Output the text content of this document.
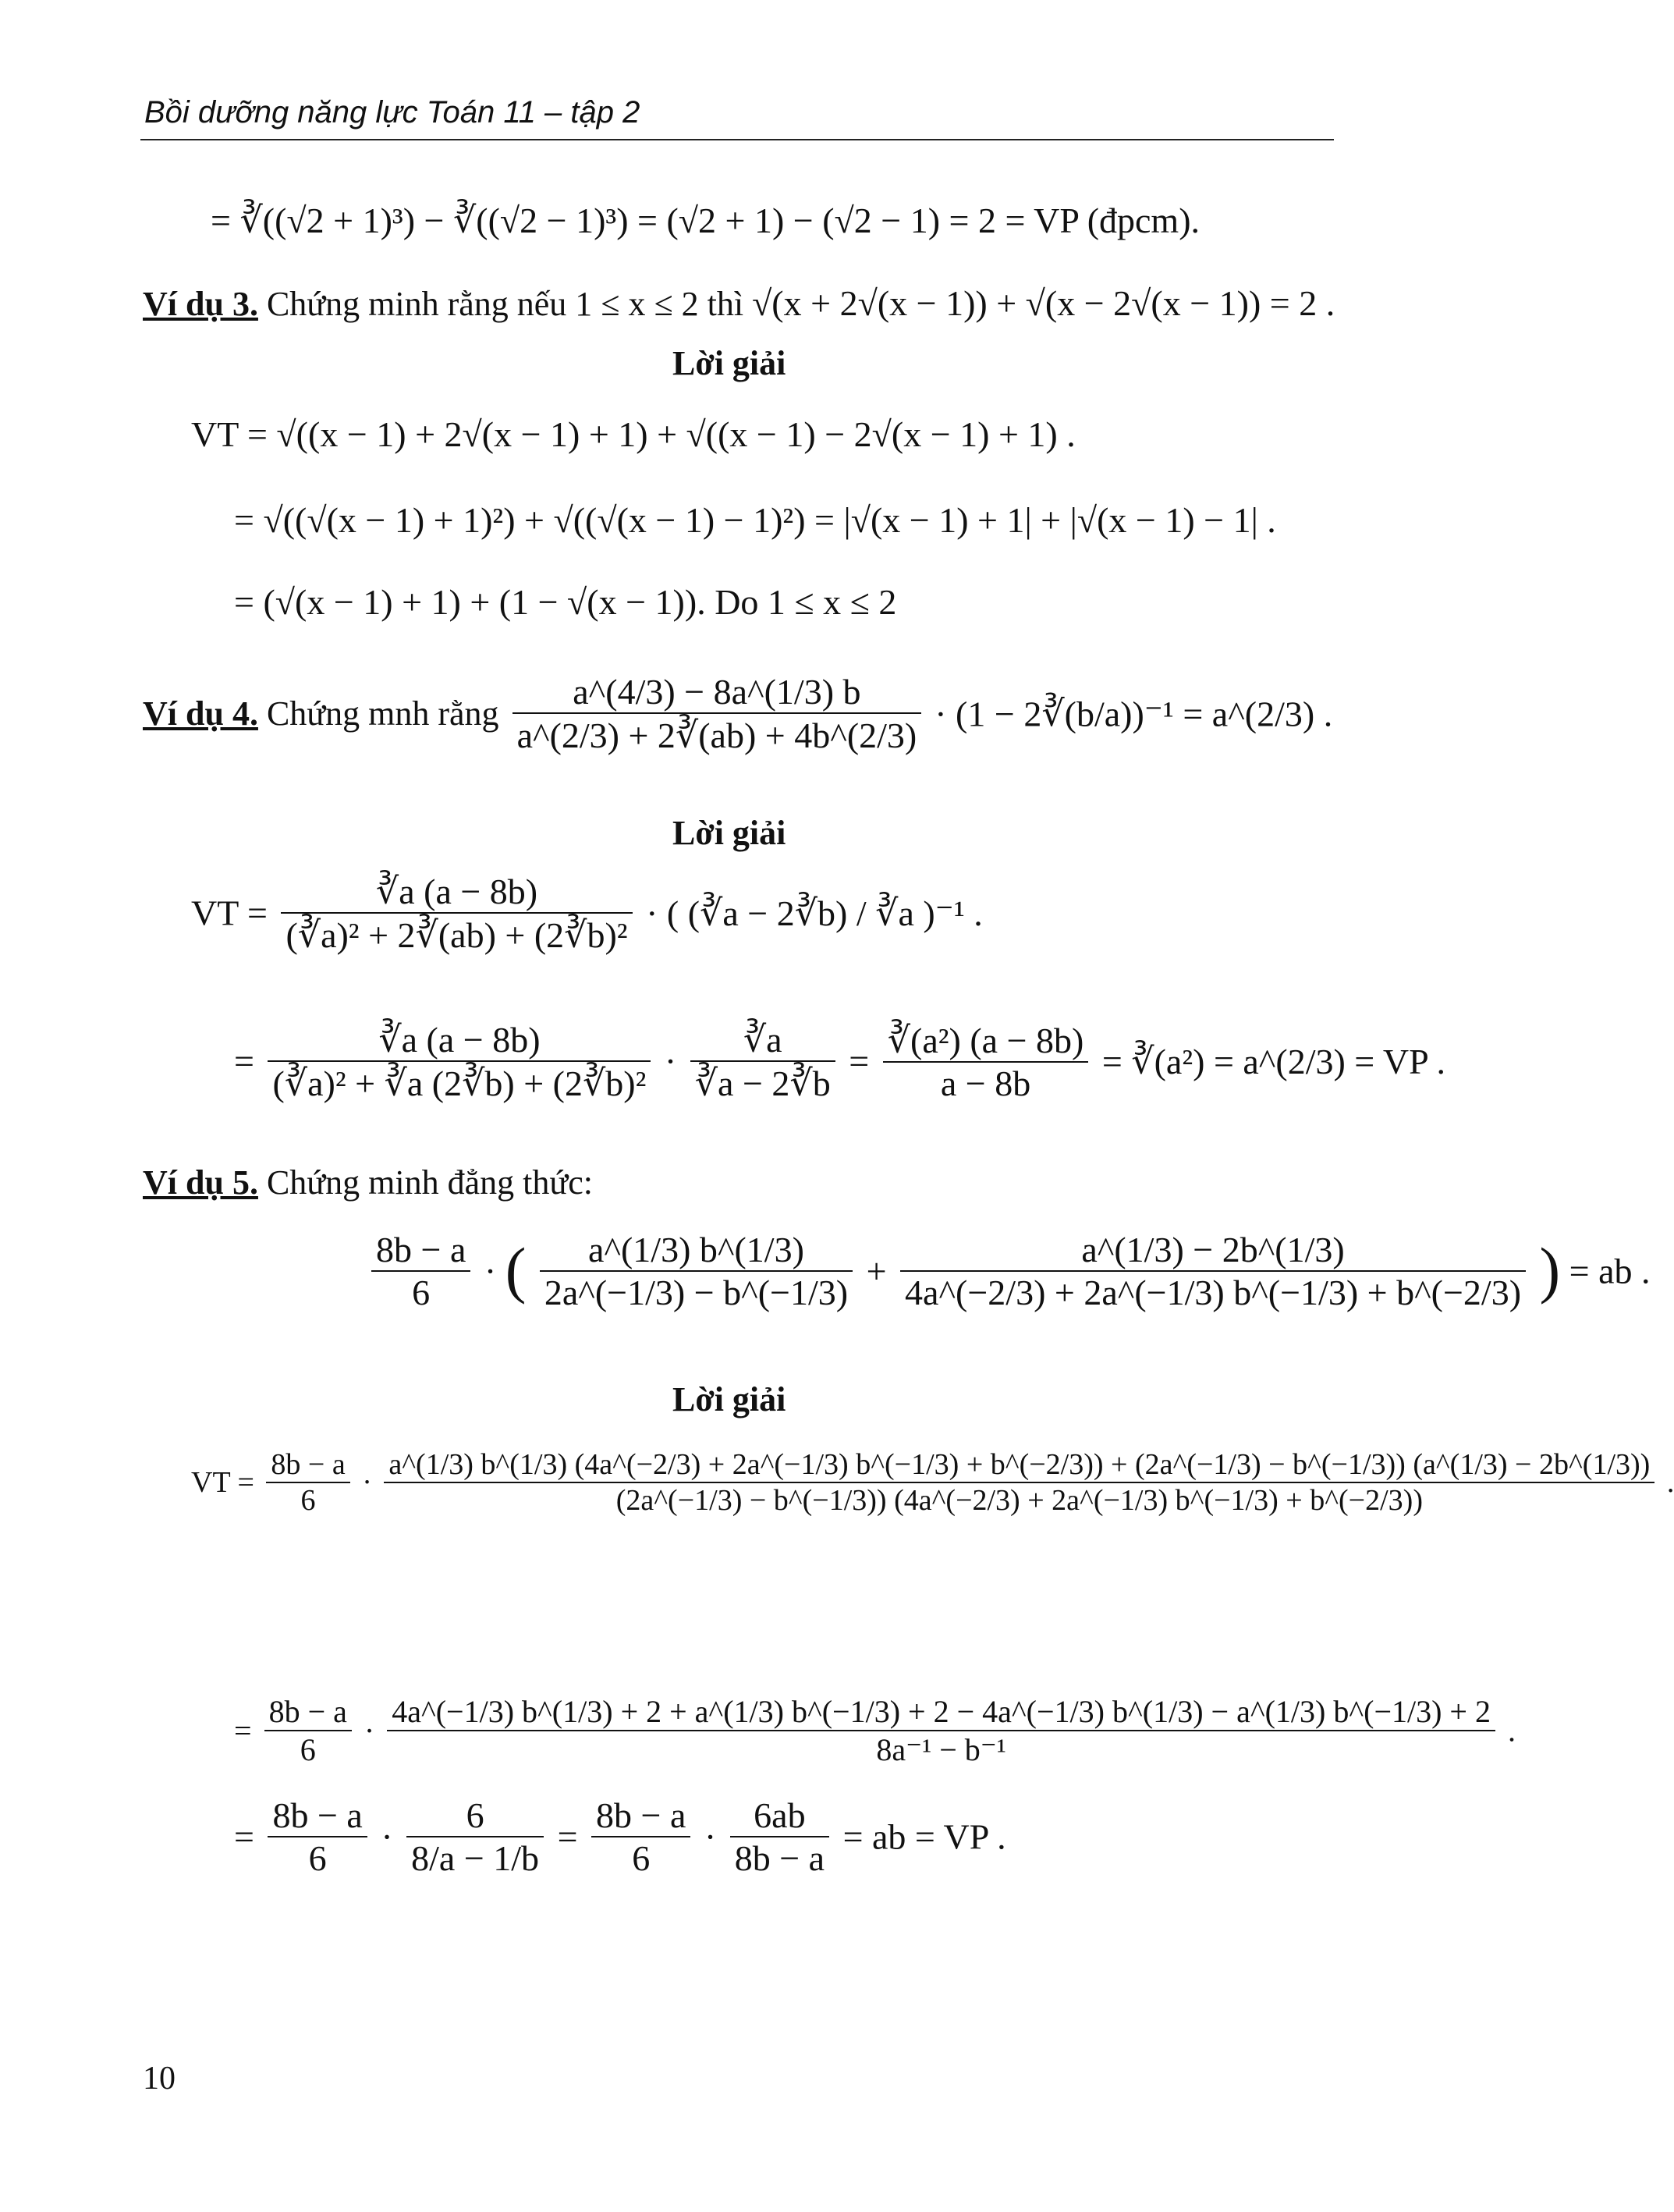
Bồi dưỡng năng lực Toán 11 – tập 2
= ∛((√2 + 1)³) − ∛((√2 − 1)³) = (√2 + 1) − (√2 − 1) = 2 = VP (đpcm).
Ví dụ 3. Chứng minh rằng nếu 1 ≤ x ≤ 2 thì √(x + 2√(x − 1)) + √(x − 2√(x − 1)) = 2 .
Lời giải
VT = √((x − 1) + 2√(x − 1) + 1) + √((x − 1) − 2√(x − 1) + 1) .
= √((√(x − 1) + 1)²) + √((√(x − 1) − 1)²) = |√(x − 1) + 1| + |√(x − 1) − 1| .
= (√(x − 1) + 1) + (1 − √(x − 1)). Do 1 ≤ x ≤ 2
Ví dụ 4. Chứng mnh rằng $\frac{a\^{}(4/3) - 8a\^{}(1/3) b}{a\^{}(2/3) + 2∛(ab) + 4b\^{}(2/3)} \cdot (1$ − 2∛(b/a))⁻¹ = a^(2/3) .
Lời giải
VT = $\frac{∛a (a - 8b)}{\text{(∛a)² + 2∛(ab) + (2∛b)²}}$ · ( (∛a − 2∛b) / ∛a )⁻¹ .
= $\frac{∛a (a - 8b)}{\text{(∛a)² + ∛a (2∛b) + (2∛b)²}} \cdot \frac{∛a}{∛a - 2∛b} = \frac{\text{∛(a²) (a − 8b)}}{a - 8b}$ = ∛(a²) = a^(2/3) = VP .
Ví dụ 5. Chứng minh đẳng thức:
$\frac{8b - a}{6}$ · ( $\frac{a\^{}(1/3) b\^{}(1/3)}{2a\^{}(-1/3) - b\^{}(-1/3)} + \frac{a\^{}(1/3) - 2b\^{}(1/3)}{4a\^{}(-2/3) + 2a\^{}(-1/3) b\^{}(-1/3) + b\^{}(-2/3)}$ ) = ab .
Lời giải
VT = $\frac{8b - a}{6}$ ·
a^(1/3) b^(1/3) (4a^(−2/3) + 2a^(−1/3) b^(−1/3) + b^(−2/3)) + (2a^(−1/3) − b^(−1/3)) (a^(1/3) − 2b^(1/3))
(2a^(−1/3) − b^(−1/3)) (4a^(−2/3) + 2a^(−1/3) b^(−1/3) + b^(−2/3))
.
= $\frac{8b - a}{6}$ ·
4a^(−1/3) b^(1/3) + 2 + a^(1/3) b^(−1/3) + 2 − 4a^(−1/3) b^(1/3) − a^(1/3) b^(−1/3) + 2
8a⁻¹ − b⁻¹
.
= $\frac{8b - a}{6} \cdot \frac{6}{8/a - 1/b} = \frac{8b - a}{6} \cdot \frac{6ab}{8b - a}$ = ab = VP .
10
